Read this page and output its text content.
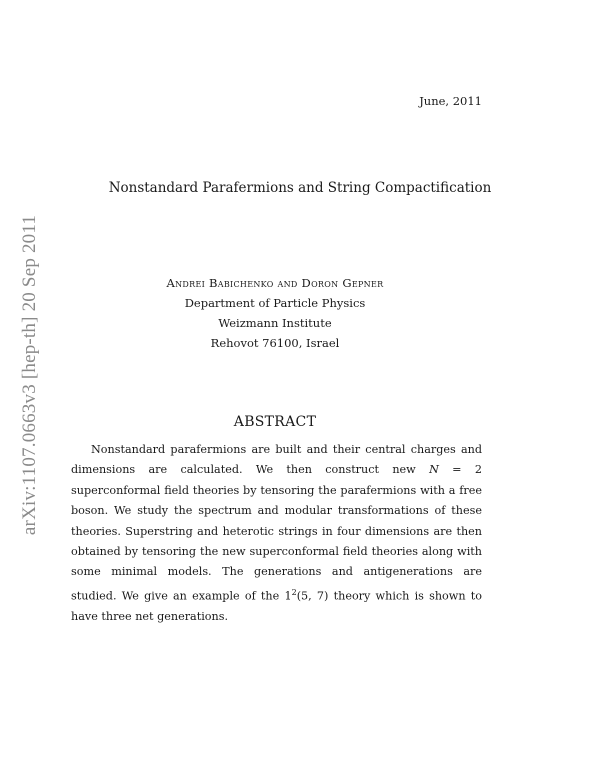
June, 2011
arXiv:1107.0663v3 [hep-th] 20 Sep 2011
Nonstandard Parafermions and String Compactification
Andrei Babichenko and Doron Gepner
Department of Particle Physics
Weizmann Institute
Rehovot 76100, Israel
ABSTRACT

Nonstandard parafermions are built and their central charges and dimensions are calculated. We then construct new N = 2 superconformal field theories by tensoring the parafermions with a free boson. We study the spectrum and modular transformations of these theories. Superstring and heterotic strings in four dimensions are then obtained by tensoring the new superconformal field theories along with some minimal models. The generations and antigenerations are studied. We give an example of the $1^2(5$, 7) theory which is shown to have three net generations.
